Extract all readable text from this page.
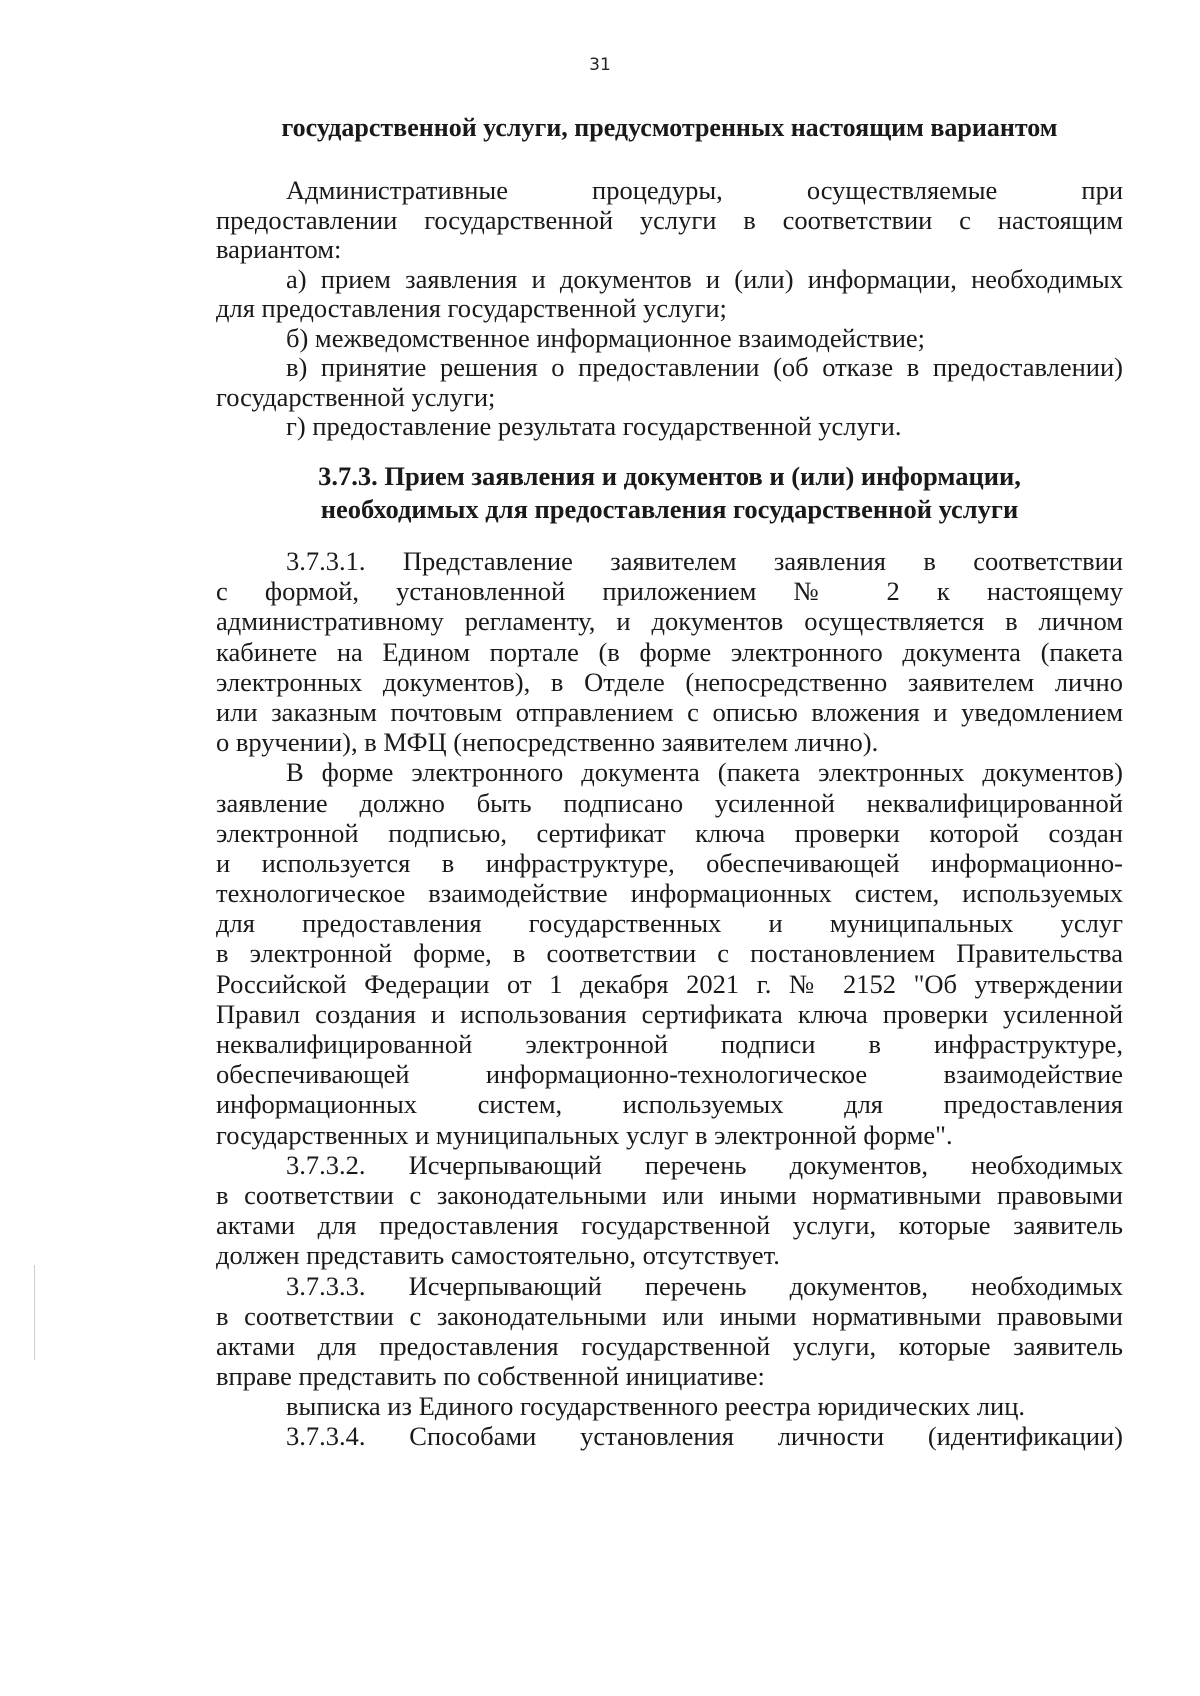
31
государственной услуги, предусмотренных настоящим вариантом
Административные процедуры, осуществляемые при
предоставлении государственной услуги в соответствии с настоящим
вариантом:
а) прием заявления и документов и (или) информации, необходимых
для предоставления государственной услуги;
б) межведомственное информационное взаимодействие;
в) принятие решения о предоставлении (об отказе в предоставлении)
государственной услуги;
г) предоставление результата государственной услуги.
3.7.3. Прием заявления и документов и (или) информации,
необходимых для предоставления государственной услуги
3.7.3.1. Представление заявителем заявления в соответствии
с формой, установленной приложением № 2 к настоящему
административному регламенту, и документов осуществляется в личном
кабинете на Едином портале (в форме электронного документа (пакета
электронных документов), в Отделе (непосредственно заявителем лично
или заказным почтовым отправлением с описью вложения и уведомлением
о вручении), в МФЦ (непосредственно заявителем лично).
В форме электронного документа (пакета электронных документов)
заявление должно быть подписано усиленной неквалифицированной
электронной подписью, сертификат ключа проверки которой создан
и используется в инфраструктуре, обеспечивающей информационно-
технологическое взаимодействие информационных систем, используемых
для предоставления государственных и муниципальных услуг
в электронной форме, в соответствии с постановлением Правительства
Российской Федерации от 1 декабря 2021 г. № 2152 "Об утверждении
Правил создания и использования сертификата ключа проверки усиленной
неквалифицированной электронной подписи в инфраструктуре,
обеспечивающей информационно-технологическое взаимодействие
информационных систем, используемых для предоставления
государственных и муниципальных услуг в электронной форме".
3.7.3.2. Исчерпывающий перечень документов, необходимых
в соответствии с законодательными или иными нормативными правовыми
актами для предоставления государственной услуги, которые заявитель
должен представить самостоятельно, отсутствует.
3.7.3.3. Исчерпывающий перечень документов, необходимых
в соответствии с законодательными или иными нормативными правовыми
актами для предоставления государственной услуги, которые заявитель
вправе представить по собственной инициативе:
выписка из Единого государственного реестра юридических лиц.
3.7.3.4. Способами установления личности (идентификации)
